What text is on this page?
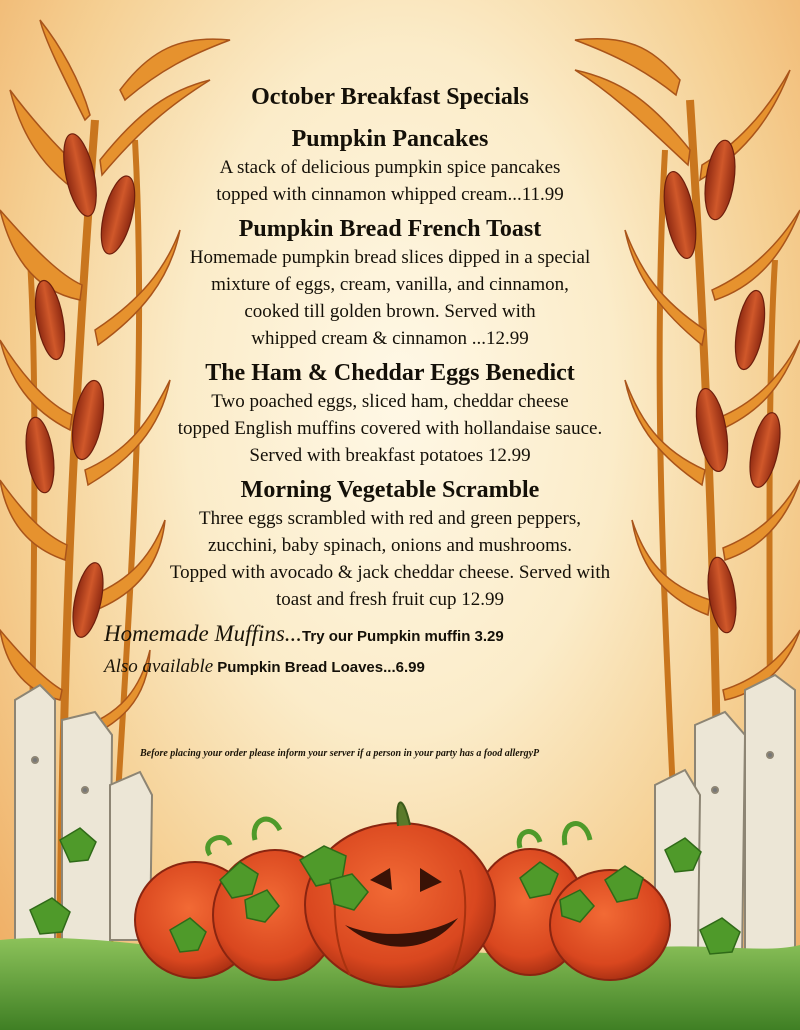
October Breakfast Specials
Pumpkin Pancakes
A stack of delicious pumpkin spice pancakes
topped with cinnamon whipped cream...11.99
Pumpkin Bread French Toast
Homemade pumpkin bread slices dipped in a special
mixture of eggs, cream, vanilla, and cinnamon,
cooked till golden brown. Served with
whipped cream & cinnamon ...12.99
The Ham & Cheddar Eggs Benedict
Two poached eggs, sliced ham, cheddar cheese
topped English muffins covered with hollandaise sauce.
Served with breakfast potatoes 12.99
Morning Vegetable Scramble
Three eggs scrambled with red and green peppers,
zucchini, baby spinach, onions and mushrooms.
Topped with avocado & jack cheddar cheese. Served with
toast and fresh fruit cup 12.99
Homemade Muffins...Try our Pumpkin muffin 3.29
Also available Pumpkin Bread Loaves...6.99
Before placing your order please inform your server if a person in your party has a food allergyP
